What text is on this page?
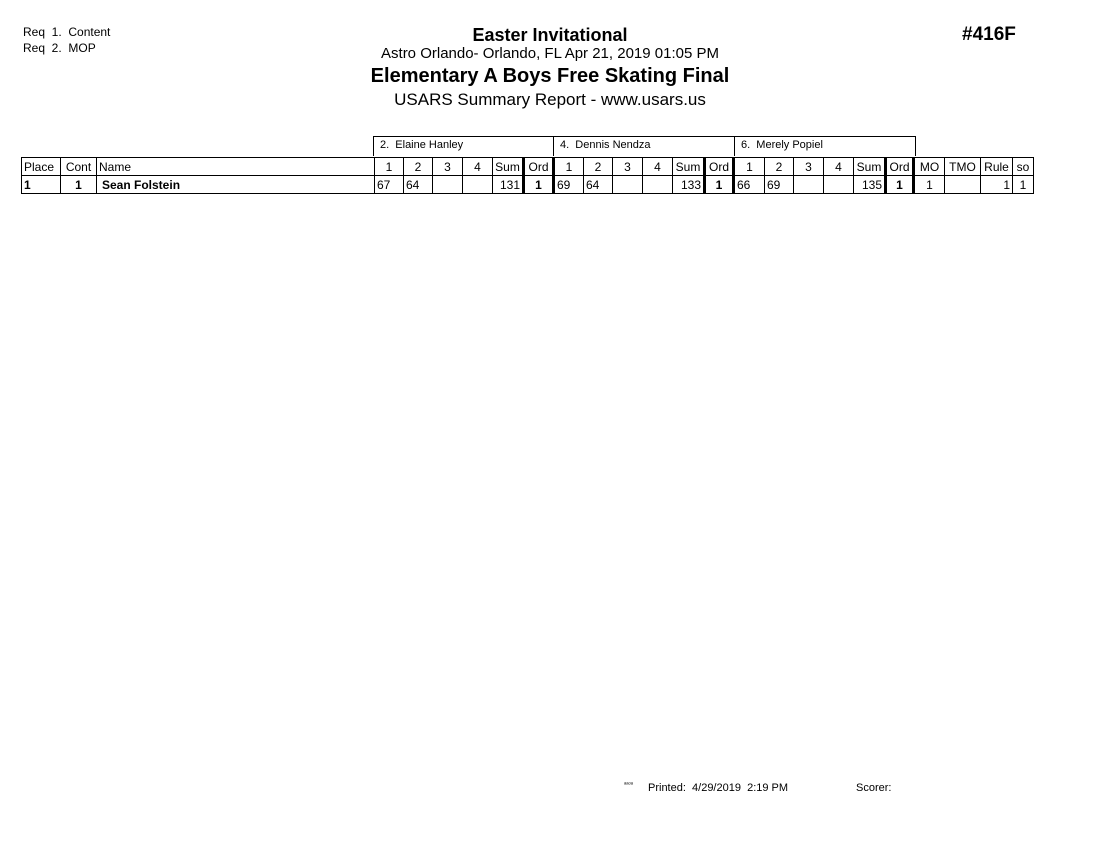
Req  1.  Content
Req  2.  MOP
Easter Invitational
Astro Orlando- Orlando, FL Apr 21, 2019 01:05 PM
Elementary A Boys Free Skating Final
USARS Summary Report - www.usars.us
#416F
2.  Elaine Hanley	4.  Dennis Nendza	6.  Merely Popiel
Place	Cont	Name	1	2	3	4	Sum	Ord	1	2	3	4	Sum	Ord	1	2	3	4	Sum	Ord	MO	TMO	Rule	so
1	1	Sean Folstein	67	64			131	1	69	64			133	1	66	69			135	1	1		1	1
ᵃᵃᵒᵃ Printed:  4/29/2019  2:19 PM	Scorer:
